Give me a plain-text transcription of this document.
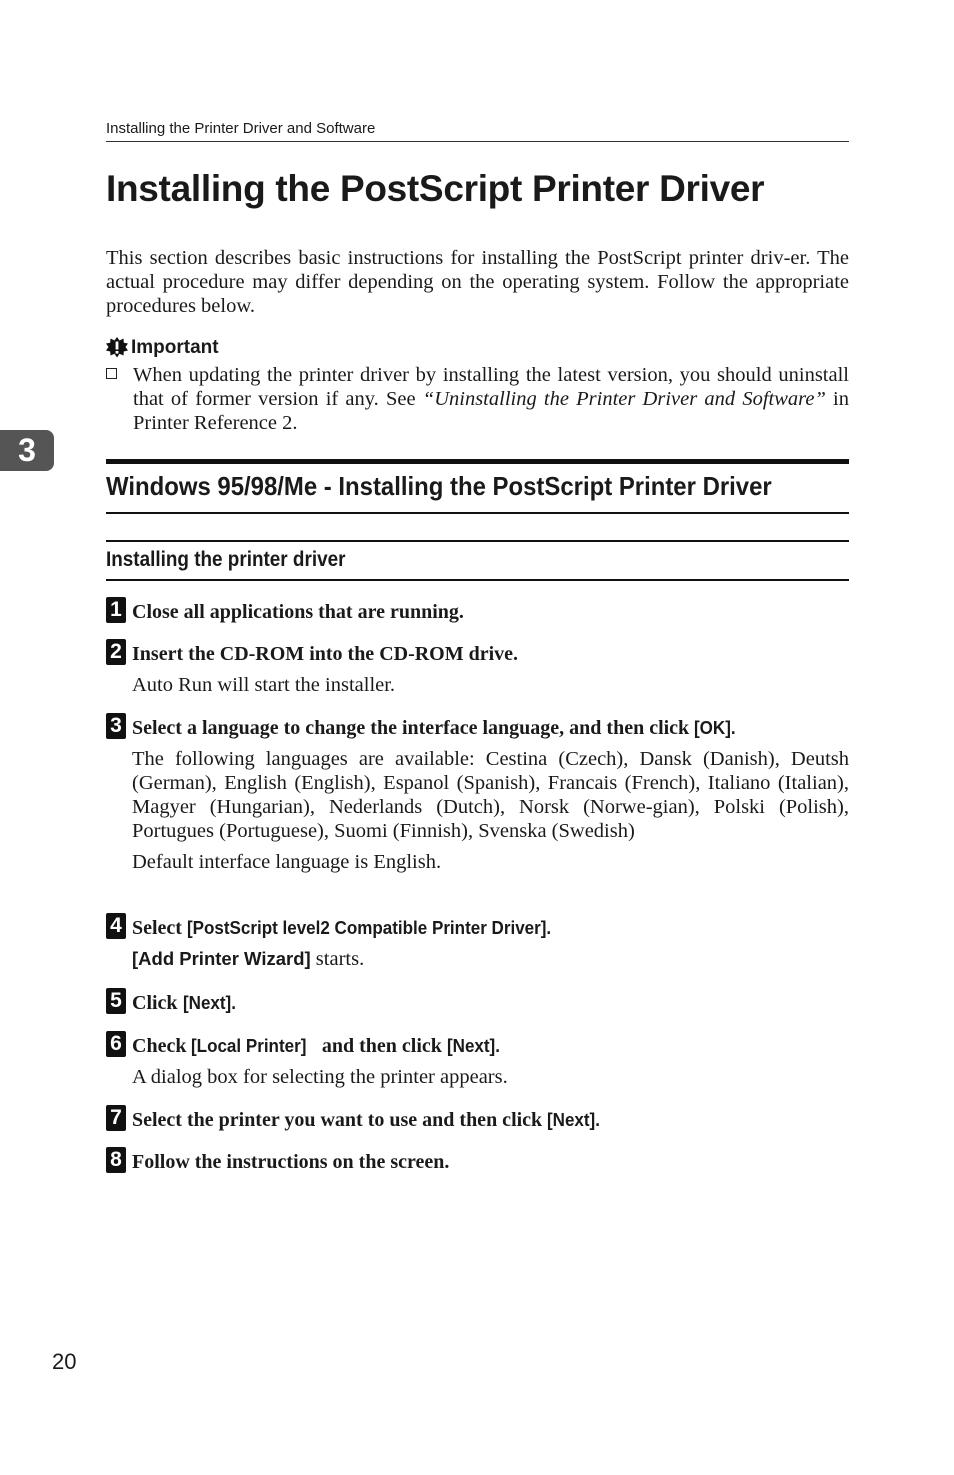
Installing the Printer Driver and Software
Installing the PostScript Printer Driver

This section describes basic instructions for installing the PostScript printer driv-er. The actual procedure may differ depending on the operating system. Follow the appropriate procedures below.

Important
When updating the printer driver by installing the latest version, you should uninstall that of former version if any. See “Uninstalling the Printer Driver and Software” in Printer Reference 2.
3
Windows 95/98/Me - Installing the PostScript Printer Driver
Installing the printer driver
1 Close all applications that are running.
2 Insert the CD-ROM into the CD-ROM drive.
Auto Run will start the installer.
3 Select a language to change the interface language, and then click [OK].
The following languages are available: Cestina (Czech), Dansk (Danish), Deutsh (German), English (English), Espanol (Spanish), Francais (French), Italiano (Italian), Magyer (Hungarian), Nederlands (Dutch), Norsk (Norwe-gian), Polski (Polish), Portugues (Portuguese), Suomi (Finnish), Svenska (Swedish)
Default interface language is English.
4 Select [PostScript level2 Compatible Printer Driver].
[Add Printer Wizard] starts.
5 Click [Next].
6 Check [Local Printer] and then click [Next].
A dialog box for selecting the printer appears.
7 Select the printer you want to use and then click [Next].
8 Follow the instructions on the screen.
20
